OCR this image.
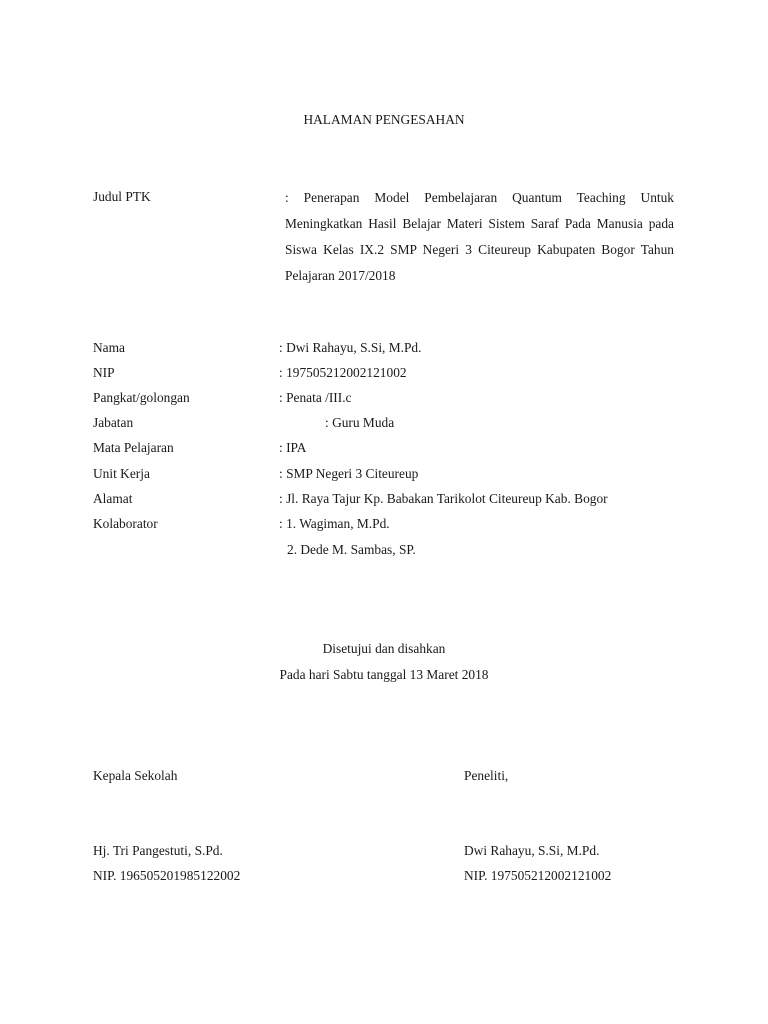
HALAMAN PENGESAHAN
Judul PTK	: Penerapan Model Pembelajaran Quantum Teaching Untuk Meningkatkan Hasil Belajar Materi Sistem Saraf Pada Manusia pada Siswa Kelas IX.2 SMP Negeri 3 Citeureup Kabupaten Bogor Tahun Pelajaran 2017/2018
Nama	: Dwi Rahayu, S.Si, M.Pd.
NIP	: 197505212002121002
Pangkat/golongan	: Penata /III.c
Jabatan	: Guru Muda
Mata Pelajaran	: IPA
Unit Kerja	: SMP Negeri 3 Citeureup
Alamat	: Jl. Raya Tajur Kp. Babakan Tarikolot Citeureup Kab. Bogor
Kolaborator	: 1. Wagiman, M.Pd.
2. Dede M. Sambas, SP.
Disetujui dan disahkan
Pada hari Sabtu tanggal 13 Maret 2018
Kepala Sekolah	Peneliti,
Hj. Tri Pangestuti, S.Pd.	Dwi Rahayu, S.Si, M.Pd.
NIP. 196505201985122002	NIP. 197505212002121002
